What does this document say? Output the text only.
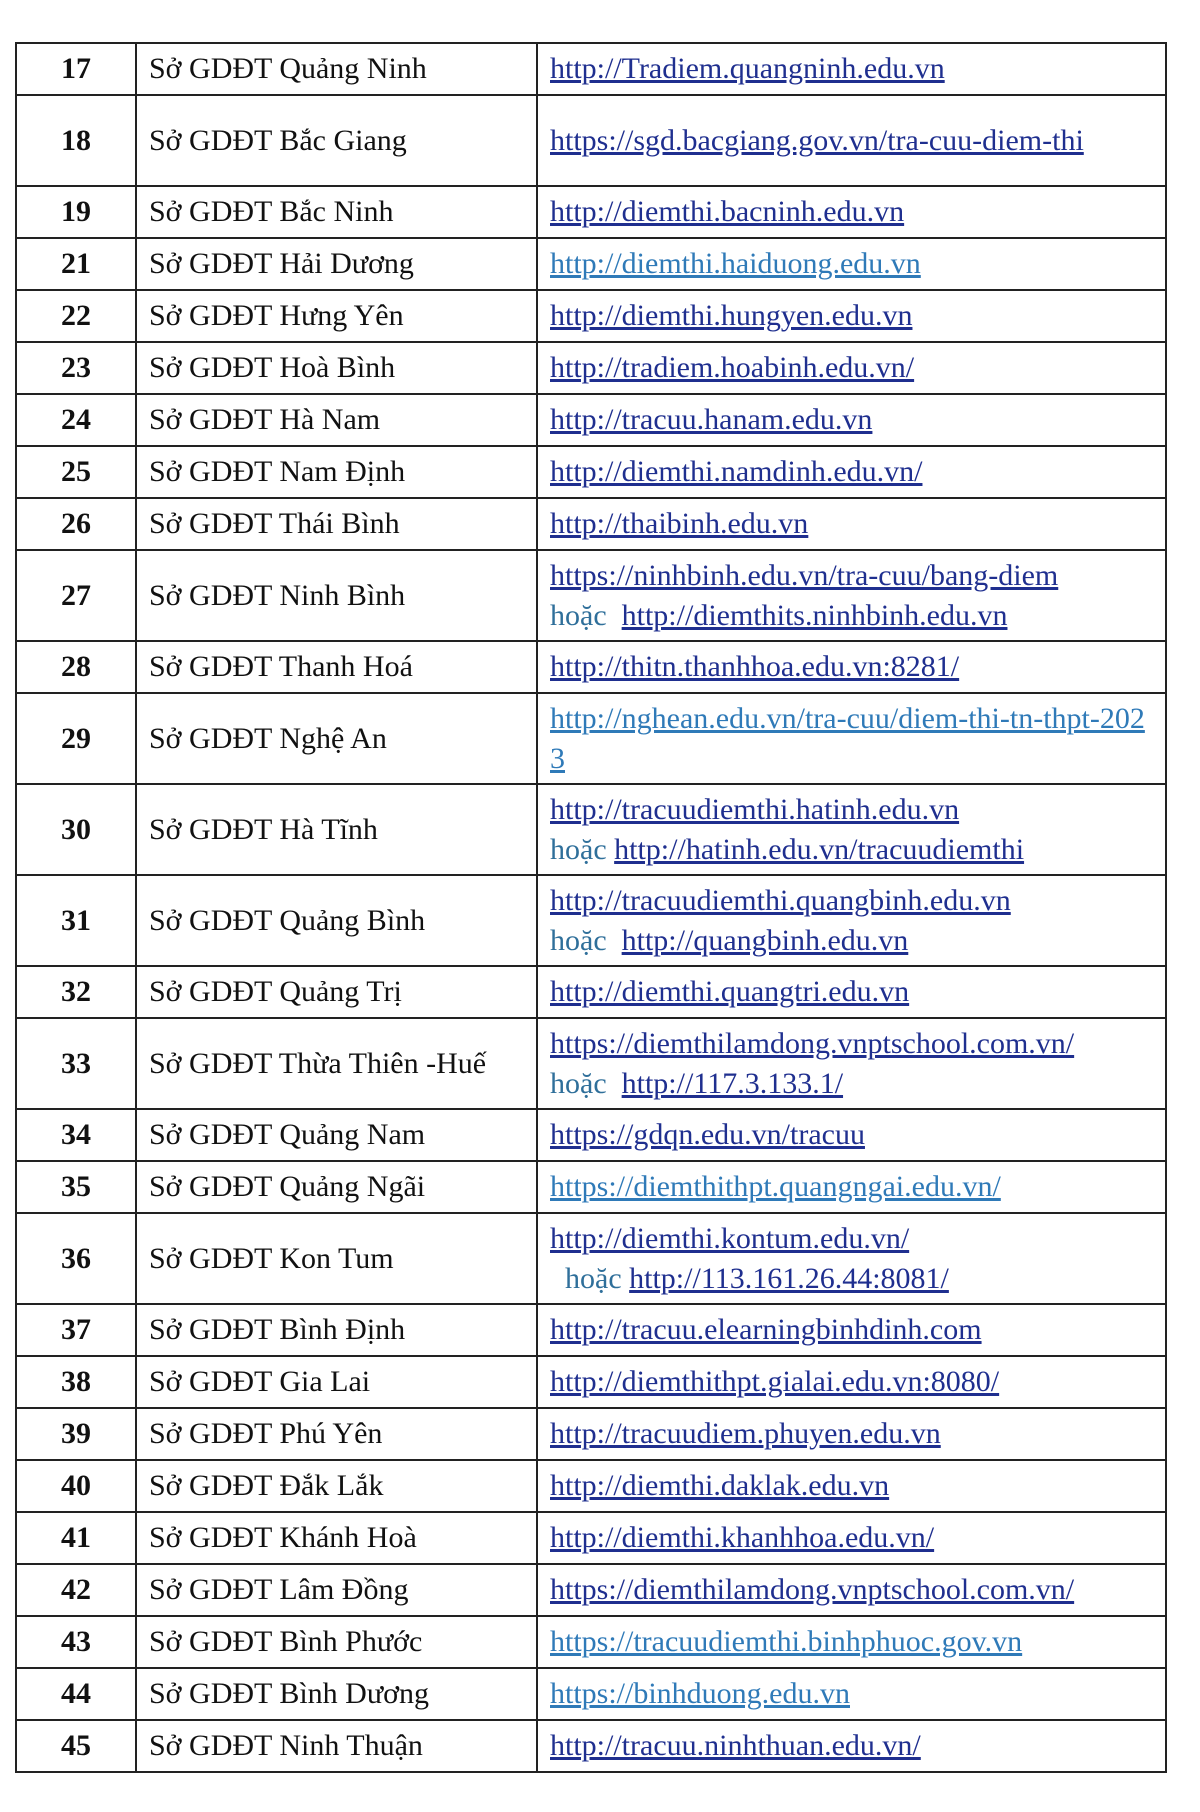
17	Sở GDĐT Quảng Ninh	http://Tradiem.quangninh.edu.vn
18	Sở GDĐT Bắc Giang	https://sgd.bacgiang.gov.vn/tra-cuu-diem-thi
19	Sở GDĐT Bắc Ninh	http://diemthi.bacninh.edu.vn
21	Sở GDĐT Hải Dương	http://diemthi.haiduong.edu.vn
22	Sở GDĐT Hưng Yên	http://diemthi.hungyen.edu.vn
23	Sở GDĐT Hoà Bình	http://tradiem.hoabinh.edu.vn/
24	Sở GDĐT Hà Nam	http://tracuu.hanam.edu.vn
25	Sở GDĐT Nam Định	http://diemthi.namdinh.edu.vn/
26	Sở GDĐT Thái Bình	http://thaibinh.edu.vn
27	Sở GDĐT Ninh Bình	https://ninhbinh.edu.vn/tra-cuu/bang-diem
hoặc http://diemthits.ninhbinh.edu.vn

28	Sở GDĐT Thanh Hoá	http://thitn.thanhhoa.edu.vn:8281/
29	Sở GDĐT Nghệ An	http://nghean.edu.vn/tra-cuu/diem-thi-tn-thpt-2023
30	Sở GDĐT Hà Tĩnh	http://tracuudiemthi.hatinh.edu.vn
hoặc http://hatinh.edu.vn/tracuudiemthi

31	Sở GDĐT Quảng Bình	http://tracuudiemthi.quangbinh.edu.vn
hoặc http://quangbinh.edu.vn

32	Sở GDĐT Quảng Trị	http://diemthi.quangtri.edu.vn
33	Sở GDĐT Thừa Thiên -Huế	https://diemthilamdong.vnptschool.com.vn/
hoặc http://117.3.133.1/

34	Sở GDĐT Quảng Nam	https://gdqn.edu.vn/tracuu
35	Sở GDĐT Quảng Ngãi	https://diemthithpt.quangngai.edu.vn/
36	Sở GDĐT Kon Tum	http://diemthi.kontum.edu.vn/
hoặc http://113.161.26.44:8081/

37	Sở GDĐT Bình Định	http://tracuu.elearningbinhdinh.com
38	Sở GDĐT Gia Lai	http://diemthithpt.gialai.edu.vn:8080/
39	Sở GDĐT Phú Yên	http://tracuudiem.phuyen.edu.vn
40	Sở GDĐT Đắk Lắk	http://diemthi.daklak.edu.vn
41	Sở GDĐT Khánh Hoà	http://diemthi.khanhhoa.edu.vn/
42	Sở GDĐT Lâm Đồng	https://diemthilamdong.vnptschool.com.vn/
43	Sở GDĐT Bình Phước	https://tracuudiemthi.binhphuoc.gov.vn
44	Sở GDĐT Bình Dương	https://binhduong.edu.vn
45	Sở GDĐT Ninh Thuận	http://tracuu.ninhthuan.edu.vn/
